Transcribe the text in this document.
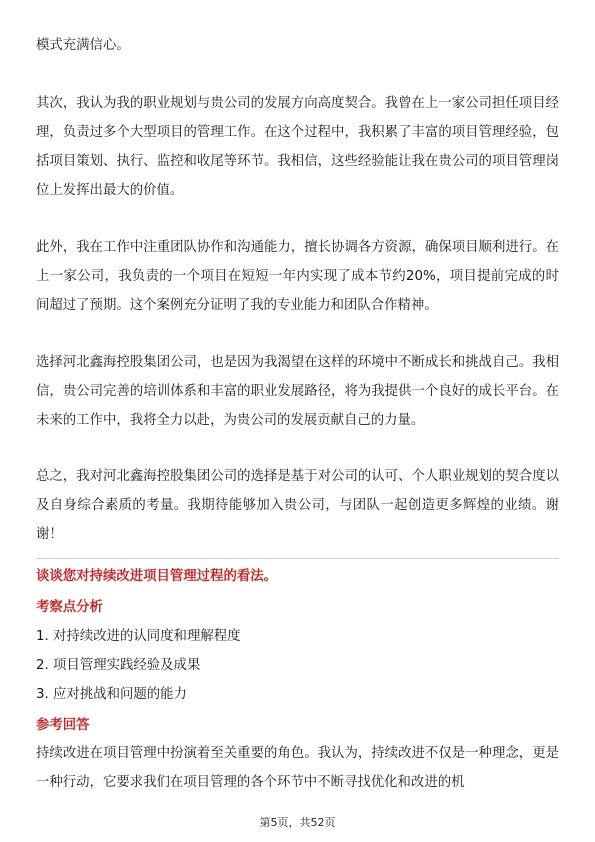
模式充满信心。

其次，我认为我的职业规划与贵公司的发展方向高度契合。我曾在上一家公司担任项目经理，负责过多个大型项目的管理工作。在这个过程中，我积累了丰富的项目管理经验，包括项目策划、执行、监控和收尾等环节。我相信，这些经验能让我在贵公司的项目管理岗位上发挥出最大的价值。

此外，我在工作中注重团队协作和沟通能力，擅长协调各方资源，确保项目顺利进行。在上一家公司，我负责的一个项目在短短一年内实现了成本节约20%，项目提前完成的时间超过了预期。这个案例充分证明了我的专业能力和团队合作精神。

选择河北鑫海控股集团公司，也是因为我渴望在这样的环境中不断成长和挑战自己。我相信，贵公司完善的培训体系和丰富的职业发展路径，将为我提供一个良好的成长平台。在未来的工作中，我将全力以赴，为贵公司的发展贡献自己的力量。

总之，我对河北鑫海控股集团公司的选择是基于对公司的认可、个人职业规划的契合度以及自身综合素质的考量。我期待能够加入贵公司，与团队一起创造更多辉煌的业绩。谢谢！

谈谈您对持续改进项目管理过程的看法。
考察点分析
1. 对持续改进的认同度和理解程度
2. 项目管理实践经验及成果
3. 应对挑战和问题的能力
参考回答

持续改进在项目管理中扮演着至关重要的角色。我认为，持续改进不仅是一种理念，更是一种行动，它要求我们在项目管理的各个环节中不断寻找优化和改进的机

第5页，共52页
